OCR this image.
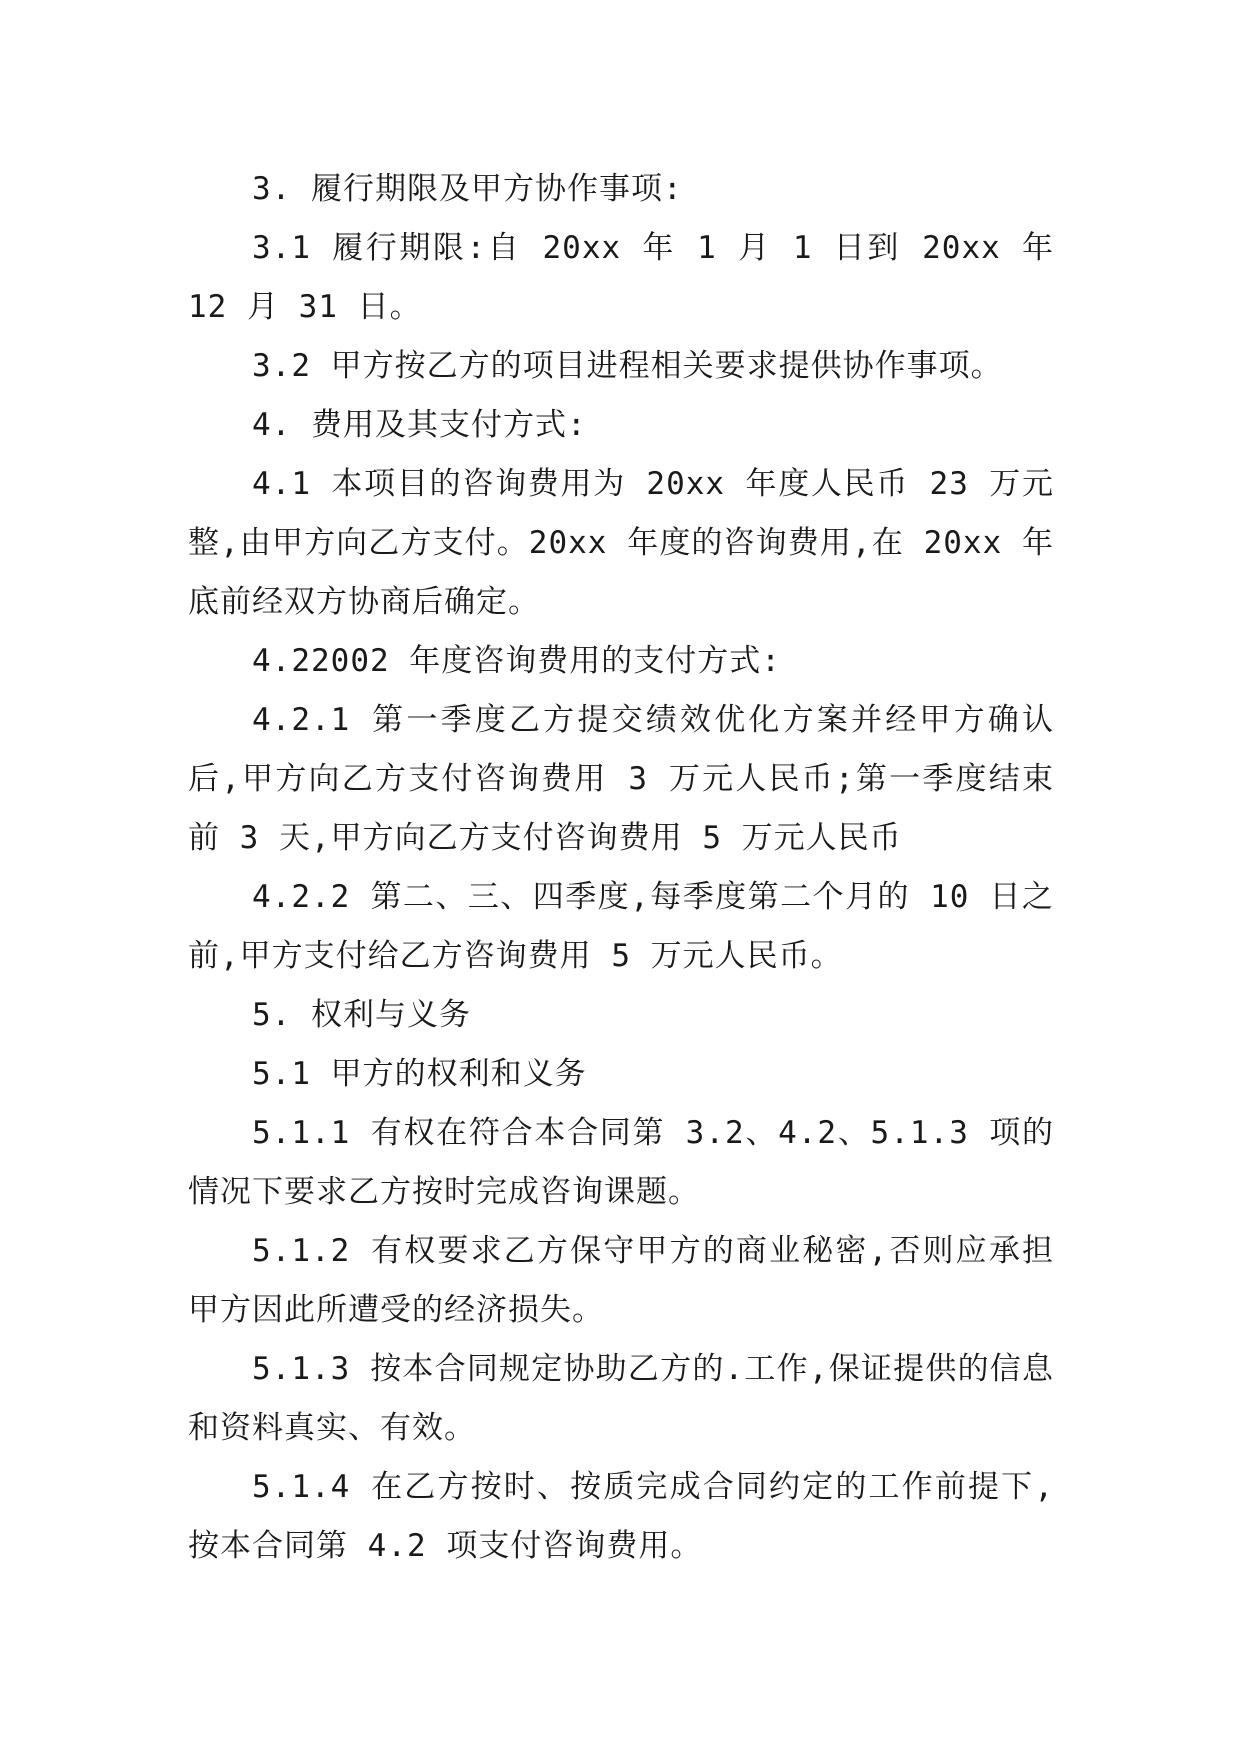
3. 履行期限及甲方协作事项:

3.1 履行期限:自 20xx 年 1 月 1 日到 20xx 年 12 月 31 日。

3.2 甲方按乙方的项目进程相关要求提供协作事项。

4. 费用及其支付方式:

4.1 本项目的咨询费用为 20xx 年度人民币 23 万元整,由甲方向乙方支付。20xx 年度的咨询费用,在 20xx 年底前经双方协商后确定。

4.22002 年度咨询费用的支付方式:

4.2.1 第一季度乙方提交绩效优化方案并经甲方确认后,甲方向乙方支付咨询费用 3 万元人民币;第一季度结束前 3 天,甲方向乙方支付咨询费用 5 万元人民币

4.2.2 第二、三、四季度,每季度第二个月的 10 日之前,甲方支付给乙方咨询费用 5 万元人民币。

5. 权利与义务

5.1 甲方的权利和义务

5.1.1 有权在符合本合同第 3.2、4.2、5.1.3 项的情况下要求乙方按时完成咨询课题。

5.1.2 有权要求乙方保守甲方的商业秘密,否则应承担甲方因此所遭受的经济损失。

5.1.3 按本合同规定协助乙方的.工作,保证提供的信息和资料真实、有效。

5.1.4 在乙方按时、按质完成合同约定的工作前提下,按本合同第 4.2 项支付咨询费用。
